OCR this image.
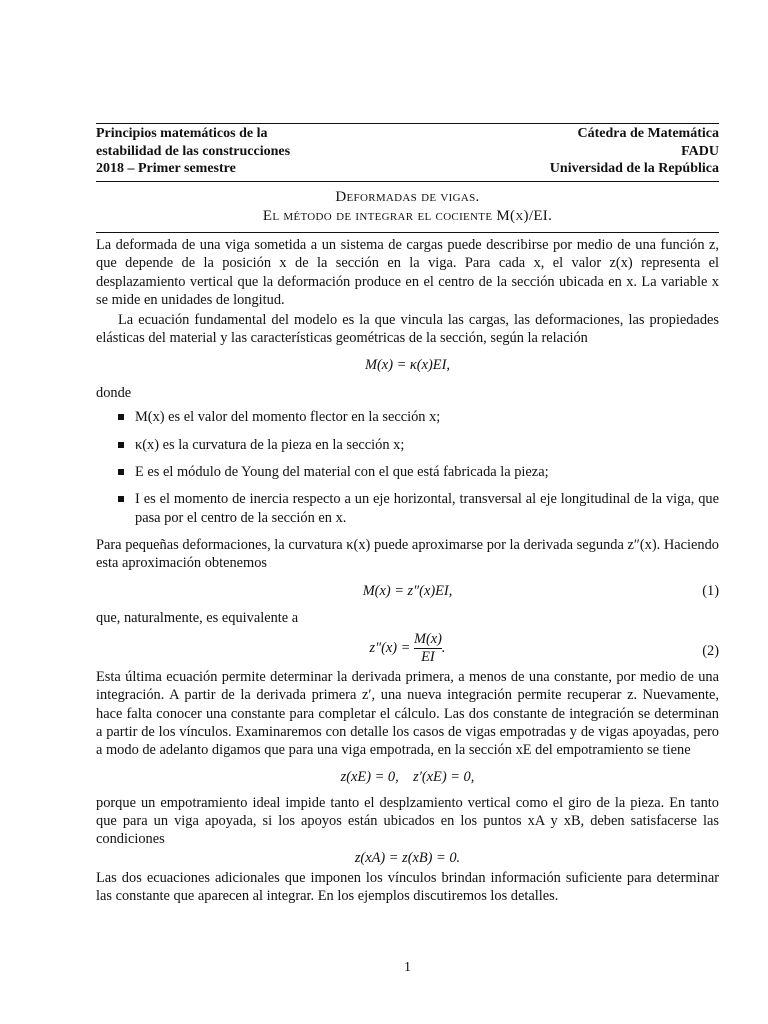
Principios matemáticos de la
estabilidad de las construcciones
2018 – Primer semestre
Cátedra de Matemática
FADU
Universidad de la República
Deformadas de vigas.
El método de integrar el cociente M(x)/EI.

La deformada de una viga sometida a un sistema de cargas puede describirse por medio de una función z, que depende de la posición x de la sección en la viga. Para cada x, el valor z(x) representa el desplazamiento vertical que la deformación produce en el centro de la sección ubicada en x. La variable x se mide en unidades de longitud.

La ecuación fundamental del modelo es la que vincula las cargas, las deformaciones, las propiedades elásticas del material y las características geométricas de la sección, según la relación

M(x) = κ(x)EI,

donde

M(x) es el valor del momento flector en la sección x;
κ(x) es la curvatura de la pieza en la sección x;
E es el módulo de Young del material con el que está fabricada la pieza;
I es el momento de inercia respecto a un eje horizontal, transversal al eje longitudinal de la viga, que pasa por el centro de la sección en x.

Para pequeñas deformaciones, la curvatura κ(x) puede aproximarse por la derivada segunda z″(x). Haciendo esta aproximación obtenemos

M(x) = z″(x)EI,	(1)

que, naturalmente, es equivalente a

$z''(x) = \frac{M(x)}{EI}$ .	(2)

Esta última ecuación permite determinar la derivada primera, a menos de una constante, por medio de una integración. A partir de la derivada primera z′, una nueva integración permite recuperar z. Nuevamente, hace falta conocer una constante para completar el cálculo. Las dos constante de integración se determinan a partir de los vínculos. Examinaremos con detalle los casos de vigas empotradas y de vigas apoyadas, pero a modo de adelanto digamos que para una viga empotrada, en la sección xE del empotramiento se tiene

z(xE) = 0,    z′(xE) = 0,

porque un empotramiento ideal impide tanto el desplzamiento vertical como el giro de la pieza. En tanto que para un viga apoyada, si los apoyos están ubicados en los puntos xA y xB, deben satisfacerse las condiciones

z(xA) = z(xB) = 0.

Las dos ecuaciones adicionales que imponen los vínculos brindan información suficiente para determinar las constante que aparecen al integrar. En los ejemplos discutiremos los detalles.

1
